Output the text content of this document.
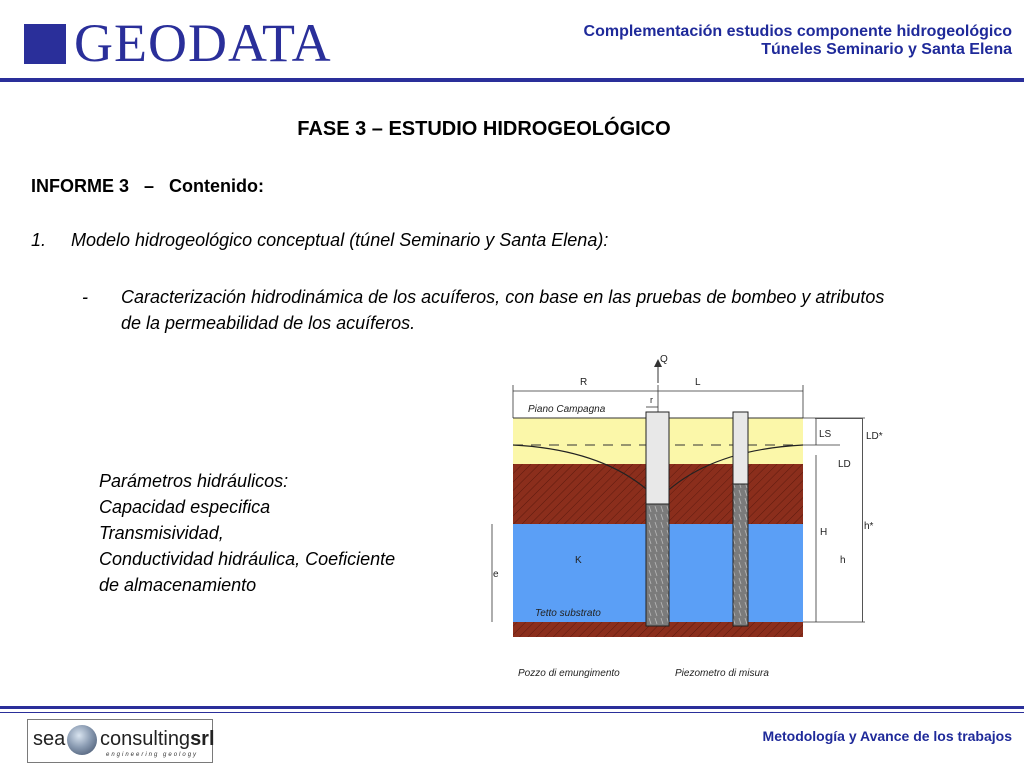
GEODATA	Complementación estudios componente hidrogeológico
Túneles Seminario y Santa Elena
FASE 3 – ESTUDIO HIDROGEOLÓGICO
INFORME 3   –   Contenido:
1. Modelo hidrogeológico conceptual (túnel Seminario y Santa Elena):
- Caracterización hidrodinámica de los acuíferos, con base en las pruebas de bombeo y atributos de la permeabilidad de los acuíferos.
Parámetros hidráulicos:
Capacidad especifica
Transmisividad,
Conductividad hidráulica, Coeficiente
de almacenamiento
Q
R	L
r
Piano Campagna
LS	LD*
K
e
Tetto substrato
Pozzo di emungimento	Piezometro di misura
LD
h*
H
h
sea consultingsrl
engineering geology
Metodología y Avance de los trabajos
